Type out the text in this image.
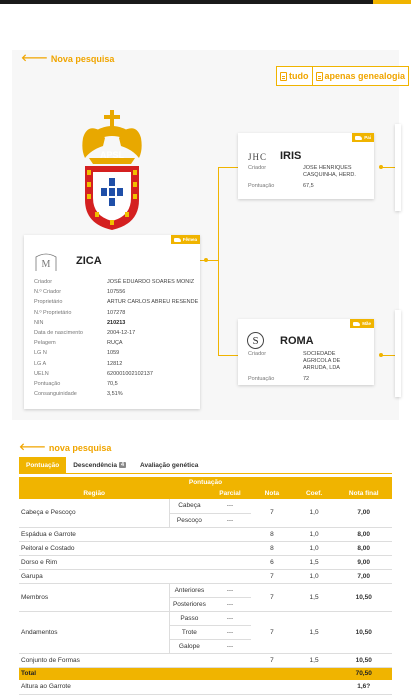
🡐 Nova pesquisa
tudo apenas genealogia
APSL
Fêmea
M ZICA
Criador	JOSÉ EDUARDO SOARES MONIZ
N.º Criador	107556
Proprietário	ARTUR CARLOS ABREU RESENDE
N.º Proprietário	107278
NIN	210213
Data de nascimento	2004-12-17
Pelagem	RUÇA
LG N	1059
LG A	12812
UELN	620001002102137
Pontuação	70,5
Consanguinidade	3,51%
Pai
JHC IRIS
Criador	JOSE HENRIQUES CASQUINHA, HERD.
Pontuação	67,5
Mãe
S ROMA
Criador	SOCIEDADE AGRICOLA DE ARRUDA, LDA
Pontuação	72
🡐 nova pesquisa
Pontuação Descendência 4	Avaliação genética
Pontuação					
Região		Parcial	Nota	Coef.	Nota final
Cabeça e Pescoço	Cabeça	---	7	1,0	7,00
	Pescoço	---			
Espádua e Garrote			8	1,0	8,00
Peitoral e Costado			8	1,0	8,00
Dorso e Rim			6	1,5	9,00
Garupa			7	1,0	7,00
Membros	Anteriores	---	7	1,5	10,50
	Posteriores	---			
Andamentos	Passo	---	7	1,5	10,50
	Trote	---			
	Galope	---			
Conjunto de Formas			7	1,5	10,50
Total					70,50
Altura ao Garrote					1,6?
